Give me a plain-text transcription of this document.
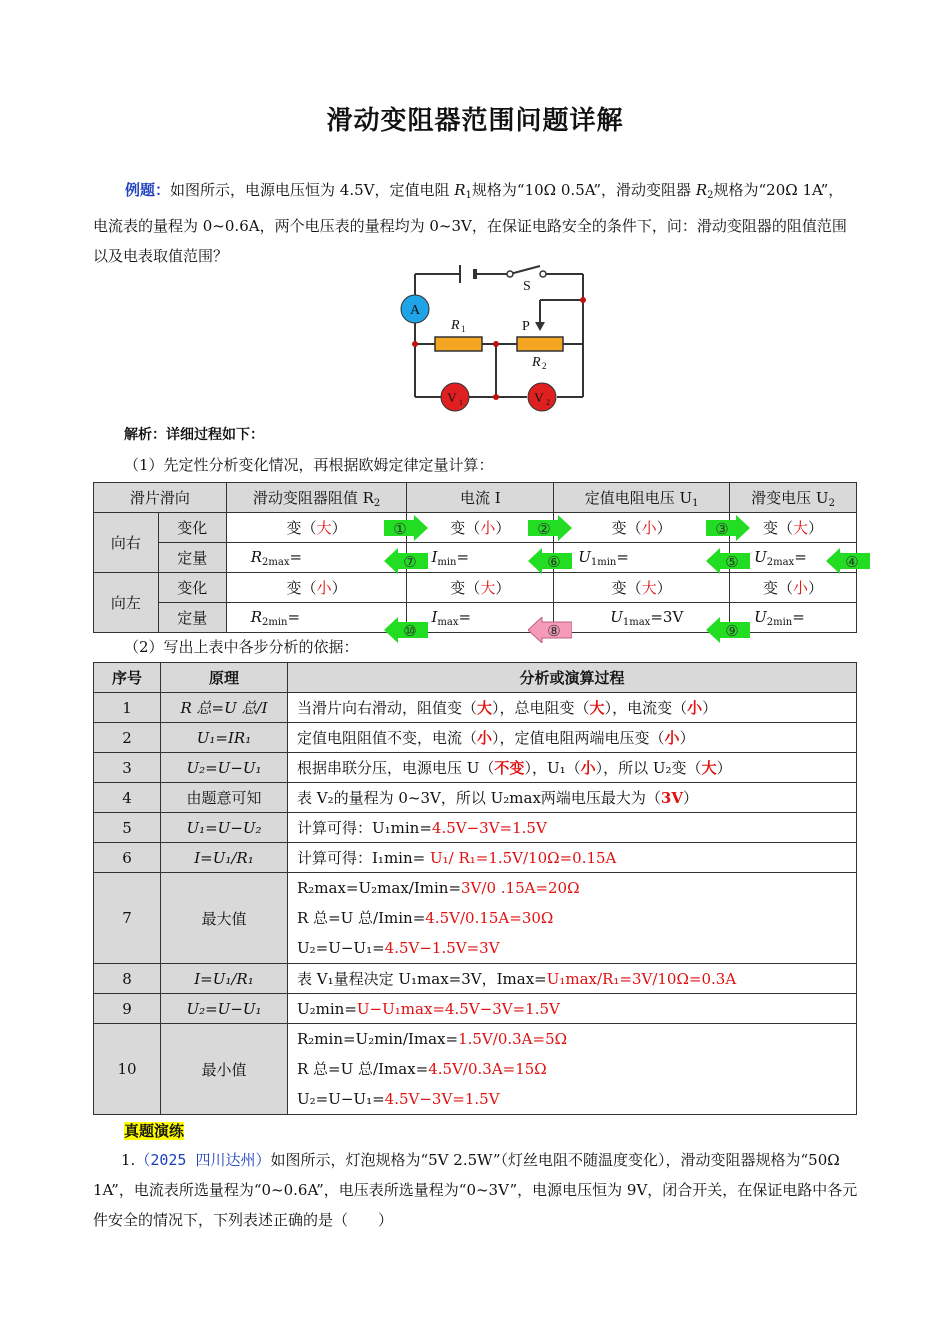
滑动变阻器范围问题详解
例题：如图所示，电源电压恒为 4.5V，定值电阻 $R_1$规格为“10Ω 0.5A”，滑动变阻器 $R_2$规格为“20Ω 1A”，电流表的量程为 0~0.6A，两个电压表的量程均为 0~3V，在保证电路安全的条件下，问：滑动变阻器的阻值范围以及电表取值范围？
A
V 1	V 2
S
R 1	P
R 2
解析：详细过程如下：
（1）先定性分析变化情况，再根据欧姆定律定量计算：
滑片滑向		滑动变阻器阻值 $R_2$	电流 I	定值电阻电压 $U_1$	滑变电压 $U_2$
向右	变化	变（大）	变（小）	变（小）	变（大）
	定量	$R_{2max}=$	$I_{min}=$	$U_{1min}=$	$U_{2max}=$
向左	变化	变（小）	变（大）	变（大）	变（小）
	定量	$R_{2min}=$	$I_{max}=$	$U_{1max}=3V$	$U_{2min}=$
①	②	③
④
⑤
⑥
⑦
⑧	⑨
⑩
（2）写出上表中各步分析的依据：
序号	原理	分析或演算过程
1	R 总=U 总/I	当滑片向右滑动，阻值变（大），总电阻变（大），电流变（小）
2	U₁=IR₁	定值电阻阻值不变，电流（小），定值电阻两端电压变（小）
3	U₂=U−U₁	根据串联分压，电源电压 U（不变），U₁（小），所以 U₂变（大）
4	由题意可知	表 V₂的量程为 0~3V，所以 U₂max两端电压最大为（3V）
5	U₁=U−U₂	计算可得：U₁min=4.5V−3V=1.5V
6	I=U₁/R₁	计算可得：I₁min= U₁/ R₁=1.5V/10Ω=0.15A
7	最大值	R₂max=U₂max/Imin=3V/0 .15A=20Ω
R 总=U 总/Imin=4.5V/0.15A=30Ω
U₂=U−U₁=4.5V−1.5V=3V

8	I=U₁/R₁	表 V₁量程决定 U₁max=3V，Imax=U₁max/R₁=3V/10Ω=0.3A
9	U₂=U−U₁	U₂min=U−U₁max=4.5V−3V=1.5V
10	最小值	R₂min=U₂min/Imax=1.5V/0.3A=5Ω
R 总=U 总/Imax=4.5V/0.3A=15Ω
U₂=U−U₁=4.5V−3V=1.5V
真题演练
1.（2025 四川达州）如图所示，灯泡规格为“5V 2.5W”（灯丝电阻不随温度变化），滑动变阻器规格为“50Ω 1A”，电流表所选量程为“0~0.6A”，电压表所选量程为“0~3V”，电源电压恒为 9V，闭合开关，在保证电路中各元件安全的情况下，下列表述正确的是（　　）
